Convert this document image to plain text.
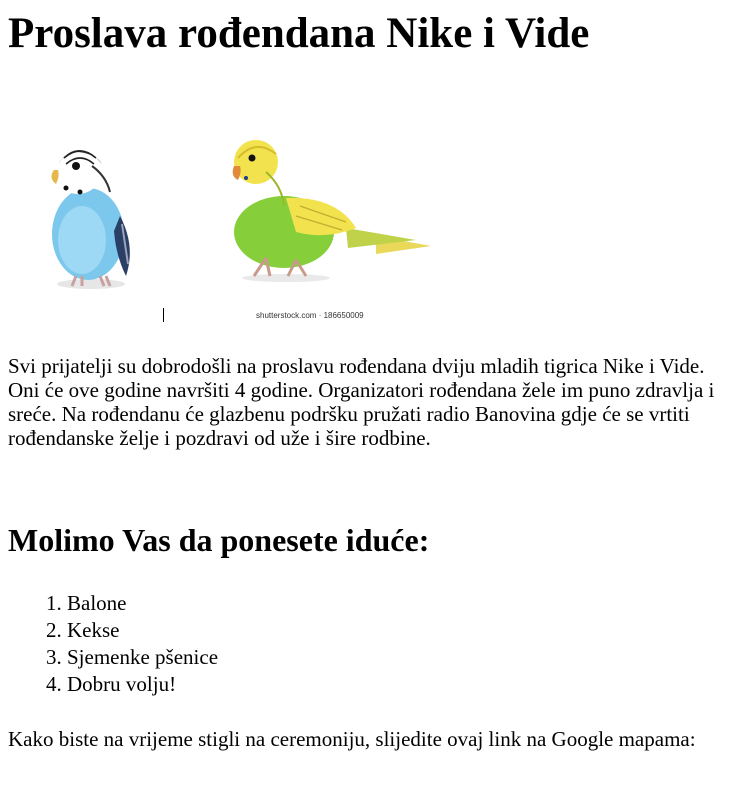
Proslava rođendana Nike i Vide
shutterstock.com · 186650009

Svi prijatelji su dobrodošli na proslavu rođendana dviju mladih tigrica Nike i Vide. Oni će ove godine navršiti 4 godine. Organizatori rođendana žele im puno zdravlja i sreće. Na rođendanu će glazbenu podršku pružati radio Banovina gdje će se vrtiti rođendanske želje i pozdravi od uže i šire rodbine.

Molimo Vas da ponesete iduće:
1. Balone
2. Kekse
3. Sjemenke pšenice
4. Dobru volju!

Kako biste na vrijeme stigli na ceremoniju, slijedite ovaj link na Google mapama:
